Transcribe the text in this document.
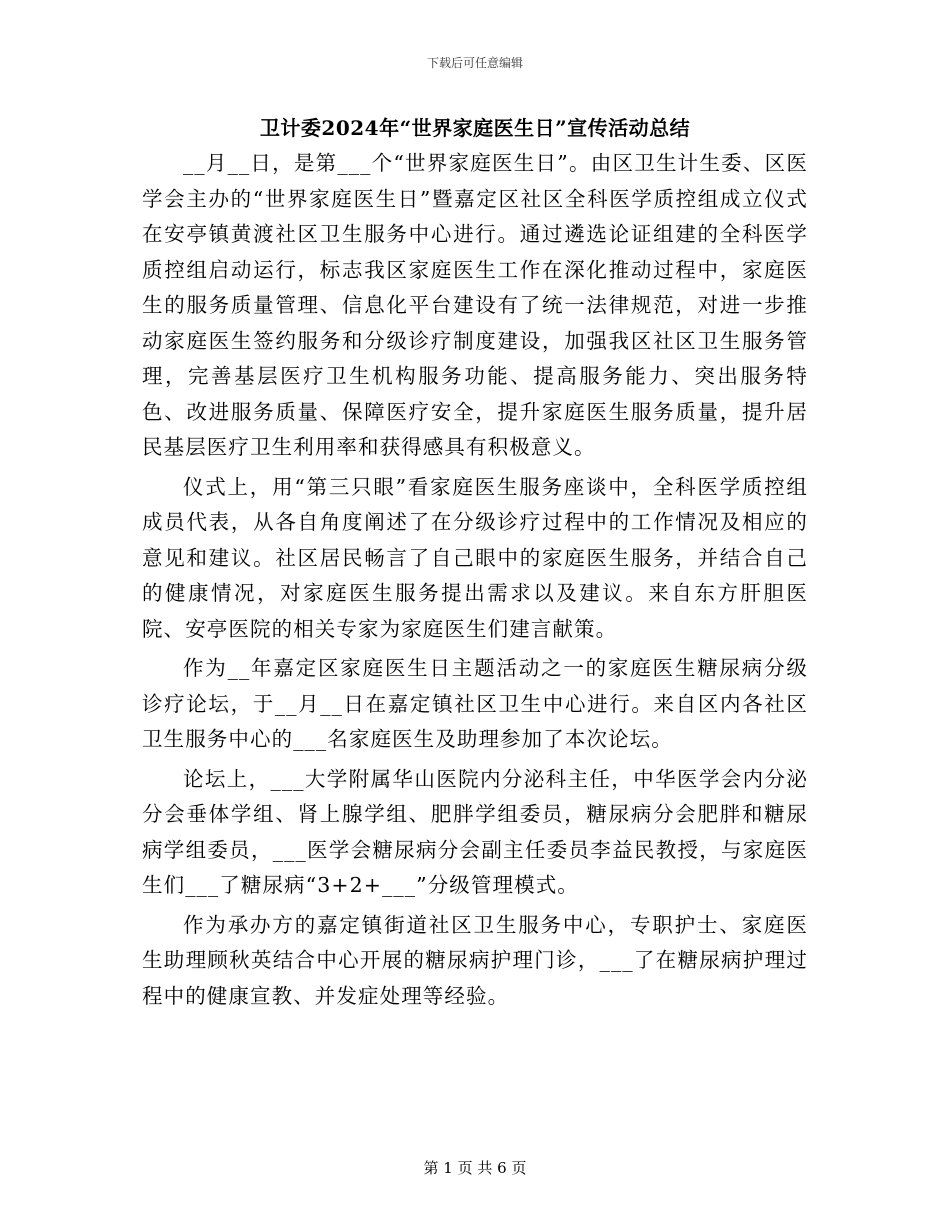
下载后可任意编辑
卫计委2024年“世界家庭医生日”宣传活动总结

__月__日，是第___个“世界家庭医生日”。由区卫生计生委、区医学会主办的“世界家庭医生日”暨嘉定区社区全科医学质控组成立仪式在安亭镇黄渡社区卫生服务中心进行。通过遴选论证组建的全科医学质控组启动运行，标志我区家庭医生工作在深化推动过程中，家庭医生的服务质量管理、信息化平台建设有了统一法律规范，对进一步推动家庭医生签约服务和分级诊疗制度建设，加强我区社区卫生服务管理，完善基层医疗卫生机构服务功能、提高服务能力、突出服务特色、改进服务质量、保障医疗安全，提升家庭医生服务质量，提升居民基层医疗卫生利用率和获得感具有积极意义。

仪式上，用“第三只眼”看家庭医生服务座谈中，全科医学质控组成员代表，从各自角度阐述了在分级诊疗过程中的工作情况及相应的意见和建议。社区居民畅言了自己眼中的家庭医生服务，并结合自己的健康情况，对家庭医生服务提出需求以及建议。来自东方肝胆医院、安亭医院的相关专家为家庭医生们建言献策。

作为__年嘉定区家庭医生日主题活动之一的家庭医生糖尿病分级诊疗论坛，于__月__日在嘉定镇社区卫生中心进行。来自区内各社区卫生服务中心的___名家庭医生及助理参加了本次论坛。

论坛上，___大学附属华山医院内分泌科主任，中华医学会内分泌分会垂体学组、肾上腺学组、肥胖学组委员，糖尿病分会肥胖和糖尿病学组委员，___医学会糖尿病分会副主任委员李益民教授，与家庭医生们___了糖尿病“3+2+___”分级管理模式。

作为承办方的嘉定镇街道社区卫生服务中心，专职护士、家庭医生助理顾秋英结合中心开展的糖尿病护理门诊，___了在糖尿病护理过程中的健康宣教、并发症处理等经验。

第 1 页 共 6 页
